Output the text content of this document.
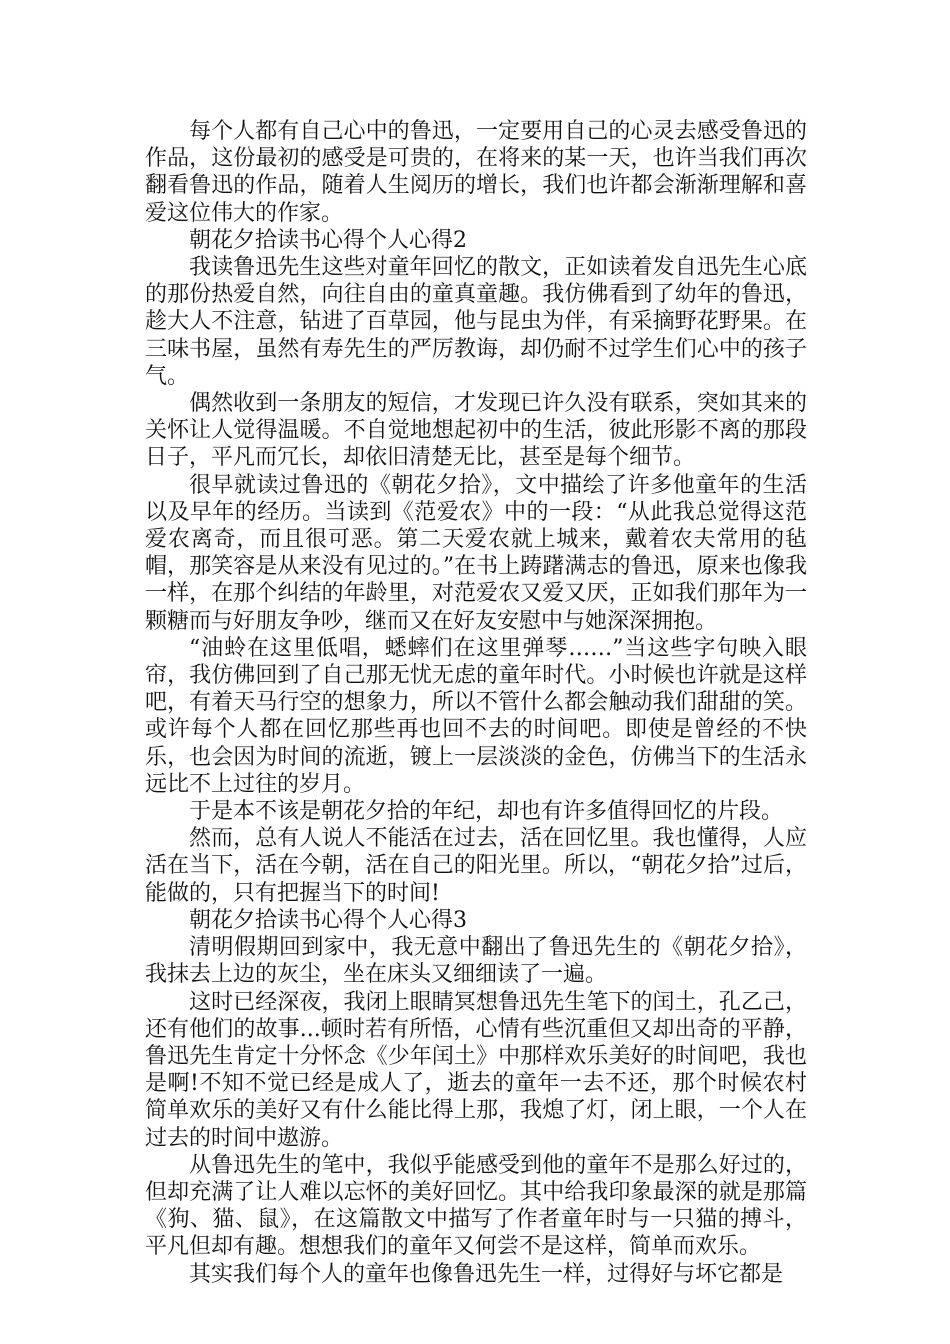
每个人都有自己心中的鲁迅，一定要用自己的心灵去感受鲁迅的作品，这份最初的感受是可贵的，在将来的某一天，也许当我们再次翻看鲁迅的作品，随着人生阅历的增长，我们也许都会渐渐理解和喜爱这位伟大的作家。

朝花夕拾读书心得个人心得2

我读鲁迅先生这些对童年回忆的散文，正如读着发自迅先生心底的那份热爱自然，向往自由的童真童趣。我仿佛看到了幼年的鲁迅，趁大人不注意，钻进了百草园，他与昆虫为伴，有采摘野花野果。在三味书屋，虽然有寿先生的严厉教诲，却仍耐不过学生们心中的孩子气。

偶然收到一条朋友的短信，才发现已许久没有联系，突如其来的关怀让人觉得温暖。不自觉地想起初中的生活，彼此形影不离的那段日子，平凡而冗长，却依旧清楚无比，甚至是每个细节。

很早就读过鲁迅的《朝花夕拾》，文中描绘了许多他童年的生活以及早年的经历。当读到《范爱农》中的一段：“从此我总觉得这范爱农离奇，而且很可恶。第二天爱农就上城来，戴着农夫常用的毡帽，那笑容是从来没有见过的。”在书上踌躇满志的鲁迅，原来也像我一样，在那个纠结的年龄里，对范爱农又爱又厌，正如我们那年为一颗糖而与好朋友争吵，继而又在好友安慰中与她深深拥抱。

“油蛉在这里低唱，蟋蟀们在这里弹琴……”当这些字句映入眼帘，我仿佛回到了自己那无忧无虑的童年时代。小时候也许就是这样吧，有着天马行空的想象力，所以不管什么都会触动我们甜甜的笑。或许每个人都在回忆那些再也回不去的时间吧。即使是曾经的不快乐，也会因为时间的流逝，镀上一层淡淡的金色，仿佛当下的生活永远比不上过往的岁月。

于是本不该是朝花夕拾的年纪，却也有许多值得回忆的片段。

然而，总有人说人不能活在过去，活在回忆里。我也懂得，人应活在当下，活在今朝，活在自己的阳光里。所以，“朝花夕拾”过后，能做的，只有把握当下的时间!

朝花夕拾读书心得个人心得3

清明假期回到家中，我无意中翻出了鲁迅先生的《朝花夕拾》，我抹去上边的灰尘，坐在床头又细细读了一遍。

这时已经深夜，我闭上眼睛冥想鲁迅先生笔下的闰土，孔乙己，还有他们的故事...顿时若有所悟，心情有些沉重但又却出奇的平静，鲁迅先生肯定十分怀念《少年闰土》中那样欢乐美好的时间吧，我也是啊!不知不觉已经是成人了，逝去的童年一去不还，那个时候农村简单欢乐的美好又有什么能比得上那，我熄了灯，闭上眼，一个人在过去的时间中遨游。

从鲁迅先生的笔中，我似乎能感受到他的童年不是那么好过的，但却充满了让人难以忘怀的美好回忆。其中给我印象最深的就是那篇《狗、猫、鼠》，在这篇散文中描写了作者童年时与一只猫的搏斗，平凡但却有趣。想想我们的童年又何尝不是这样，简单而欢乐。

其实我们每个人的童年也像鲁迅先生一样，过得好与坏它都是
